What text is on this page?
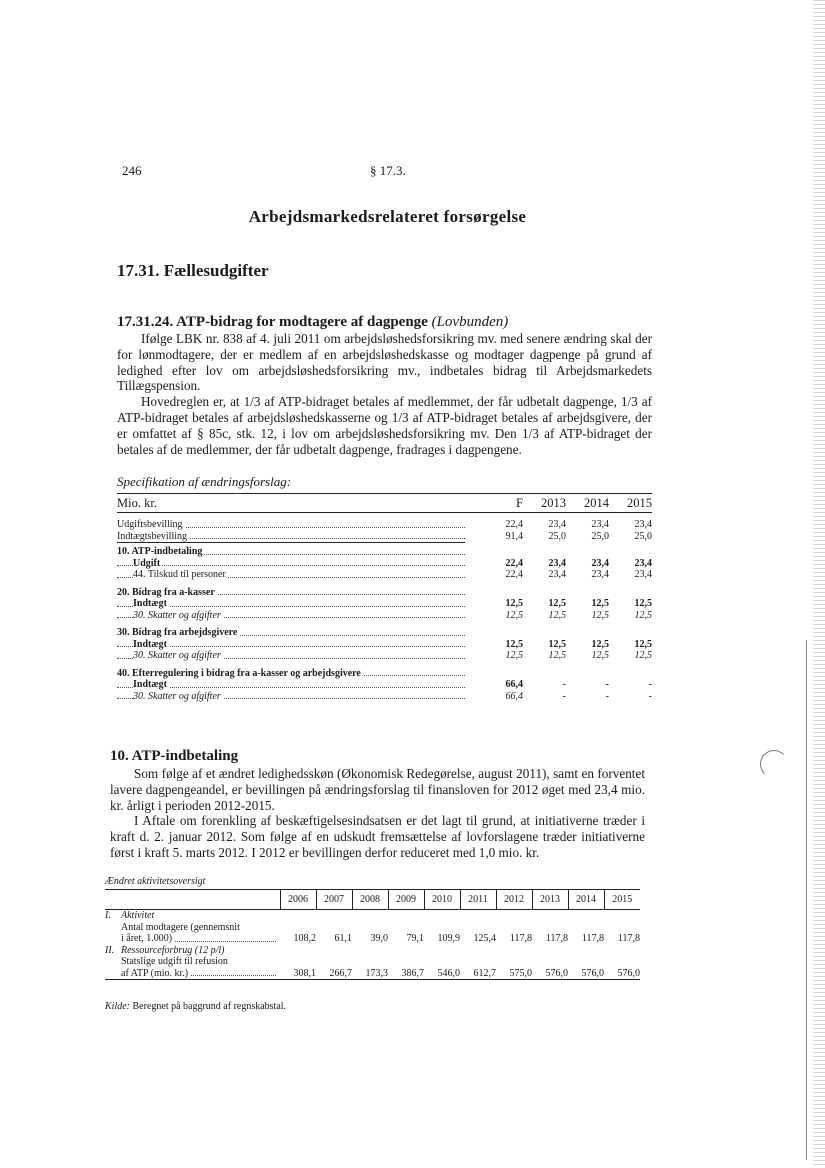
246	§ 17.3.
Arbejdsmarkedsrelateret forsørgelse
17.31. Fællesudgifter
17.31.24. ATP-bidrag for modtagere af dagpenge (Lovbunden)

Ifølge LBK nr. 838 af 4. juli 2011 om arbejdsløshedsforsikring mv. med senere ændring skal der for lønmodtagere, der er medlem af en arbejdsløshedskasse og modtager dagpenge på grund af ledighed efter lov om arbejdsløshedsforsikring mv., indbetales bidrag til Arbejdsmarkedets Tillægspension.

Hovedreglen er, at 1/3 af ATP-bidraget betales af medlemmet, der får udbetalt dagpenge, 1/3 af ATP-bidraget betales af arbejdsløshedskasserne og 1/3 af ATP-bidraget betales af arbejdsgivere, der er omfattet af § 85c, stk. 12, i lov om arbejdsløshedsforsikring mv. Den 1/3 af ATP-bidraget der betales af de medlemmer, der får udbetalt dagpenge, fradrages i dagpengene.

Specifikation af ændringsforslag:
Mio. kr.	F	2013	2014	2015

Udgiftsbevilling	22,4	23,4	23,4	23,4
Indtægtsbevilling	91,4	25,0	25,0	25,0

10. ATP-indbetaling				
Udgift	22,4	23,4	23,4	23,4
44. Tilskud til personer	22,4	23,4	23,4	23,4

20. Bidrag fra a-kasser				
Indtægt	12,5	12,5	12,5	12,5
30. Skatter og afgifter	12,5	12,5	12,5	12,5

30. Bidrag fra arbejdsgivere				
Indtægt	12,5	12,5	12,5	12,5
30. Skatter og afgifter	12,5	12,5	12,5	12,5

40. Efterregulering i bidrag fra a-kasser og arbejdsgivere				
Indtægt	66,4	-	-	-
30. Skatter og afgifter	66,4	-	-	-
10. ATP-indbetaling

Som følge af et ændret ledighedsskøn (Økonomisk Redegørelse, august 2011), samt en forventet lavere dagpengeandel, er bevillingen på ændringsforslag til finansloven for 2012 øget med 23,4 mio. kr. årligt i perioden 2012-2015.

I Aftale om forenkling af beskæftigelsesindsatsen er det lagt til grund, at initiativerne træder i kraft d. 2. januar 2012. Som følge af en udskudt fremsættelse af lovforslagene træder initiativerne først i kraft 5. marts 2012. I 2012 er bevillingen derfor reduceret med 1,0 mio. kr.

Ændret aktivitetsoversigt
		2006	2007	2008	2009	2010	2011	2012	2013	2014	2015
I.	Aktivitet										
	Antal modtagere (gennemsnit										
	i året, 1.000)	108,2	61,1	39,0	79,1	109,9	125,4	117,8	117,8	117,8	117,8
II.	Ressourceforbrug (12 p/l)										
	Statslige udgift til refusion										
	af ATP (mio. kr.)	308,1	266,7	173,3	386,7	546,0	612,7	575,0	576,0	576,0	576,0
Kilde: Beregnet på baggrund af regnskabstal.
